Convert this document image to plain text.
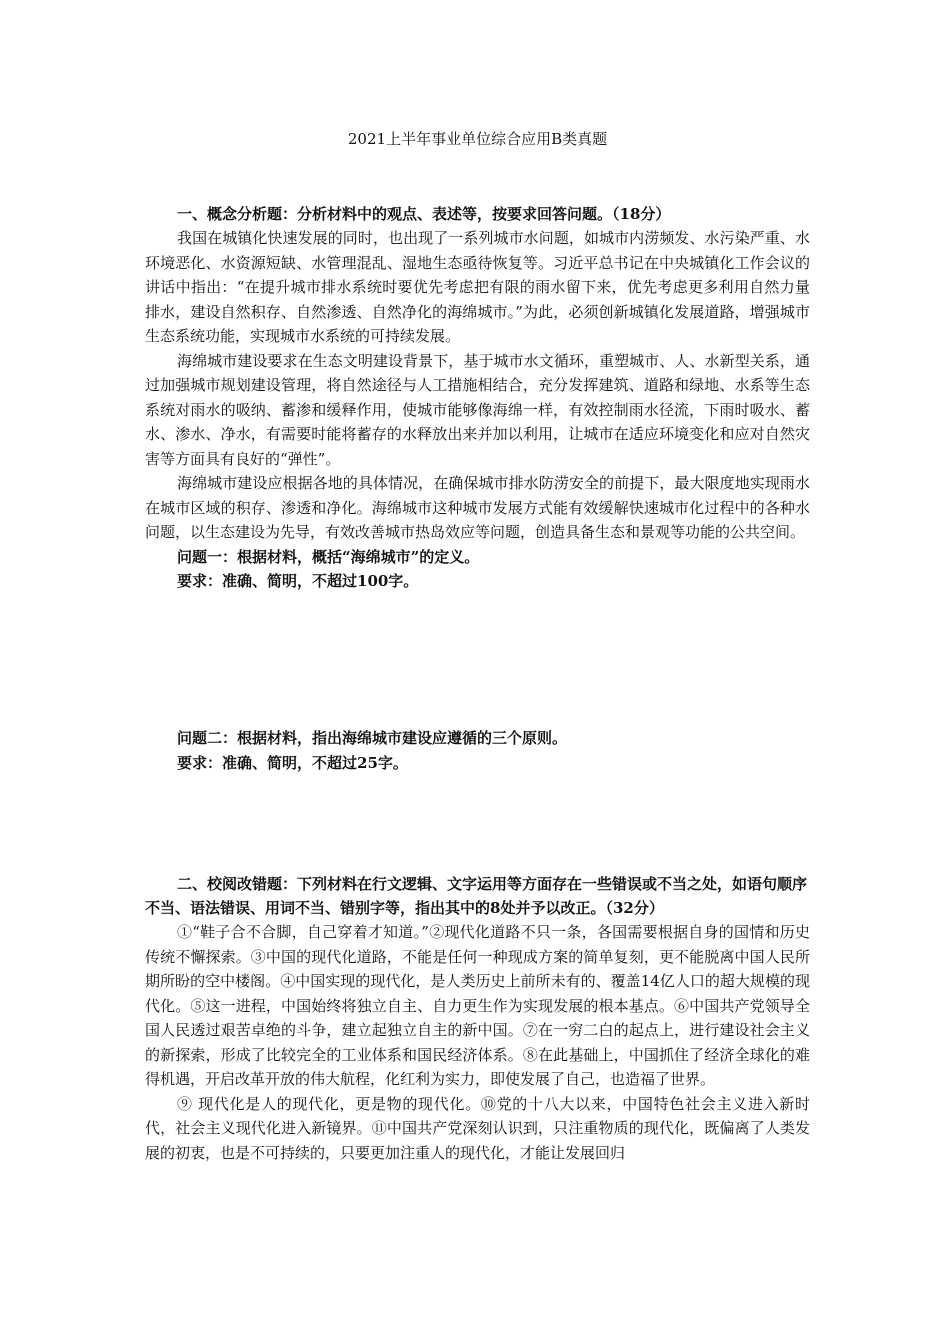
2021上半年事业单位综合应用B类真题

一、概念分析题：分析材料中的观点、表述等，按要求回答问题。（18分）

我国在城镇化快速发展的同时，也出现了一系列城市水问题，如城市内涝频发、水污染严重、水环境恶化、水资源短缺、水管理混乱、湿地生态亟待恢复等。习近平总书记在中央城镇化工作会议的讲话中指出：“在提升城市排水系统时要优先考虑把有限的雨水留下来，优先考虑更多利用自然力量排水，建设自然积存、自然渗透、自然净化的海绵城市。”为此，必须创新城镇化发展道路，增强城市生态系统功能，实现城市水系统的可持续发展。

海绵城市建设要求在生态文明建设背景下，基于城市水文循环，重塑城市、人、水新型关系，通过加强城市规划建设管理，将自然途径与人工措施相结合，充分发挥建筑、道路和绿地、水系等生态系统对雨水的吸纳、蓄渗和缓释作用，使城市能够像海绵一样，有效控制雨水径流，下雨时吸水、蓄水、渗水、净水，有需要时能将蓄存的水释放出来并加以利用，让城市在适应环境变化和应对自然灾害等方面具有良好的“弹性”。

海绵城市建设应根据各地的具体情况，在确保城市排水防涝安全的前提下，最大限度地实现雨水在城市区域的积存、渗透和净化。海绵城市这种城市发展方式能有效缓解快速城市化过程中的各种水问题，以生态建设为先导，有效改善城市热岛效应等问题，创造具备生态和景观等功能的公共空间。

问题一：根据材料，概括“海绵城市”的定义。

要求：准确、简明，不超过100字。

问题二：根据材料，指出海绵城市建设应遵循的三个原则。

要求：准确、简明，不超过25字。

二、校阅改错题：下列材料在行文逻辑、文字运用等方面存在一些错误或不当之处，如语句顺序不当、语法错误、用词不当、错别字等，指出其中的8处并予以改正。（32分）

①“鞋子合不合脚，自己穿着才知道。”②现代化道路不只一条，各国需要根据自身的国情和历史传统不懈探索。③中国的现代化道路，不能是任何一种现成方案的简单复刻，更不能脱离中国人民所期所盼的空中楼阁。④中国实现的现代化，是人类历史上前所未有的、覆盖14亿人口的超大规模的现代化。⑤这一进程，中国始终将独立自主、自力更生作为实现发展的根本基点。⑥中国共产党领导全国人民透过艰苦卓绝的斗争，建立起独立自主的新中国。⑦在一穷二白的起点上，进行建设社会主义的新探索，形成了比较完全的工业体系和国民经济体系。⑧在此基础上，中国抓住了经济全球化的难得机遇，开启改革开放的伟大航程，化红利为实力，即使发展了自己，也造福了世界。

⑨ 现代化是人的现代化，更是物的现代化。⑩党的十八大以来，中国特色社会主义进入新时代，社会主义现代化进入新镜界。⑪中国共产党深刻认识到，只注重物质的现代化，既偏离了人类发展的初衷，也是不可持续的，只要更加注重人的现代化，才能让发展回归
